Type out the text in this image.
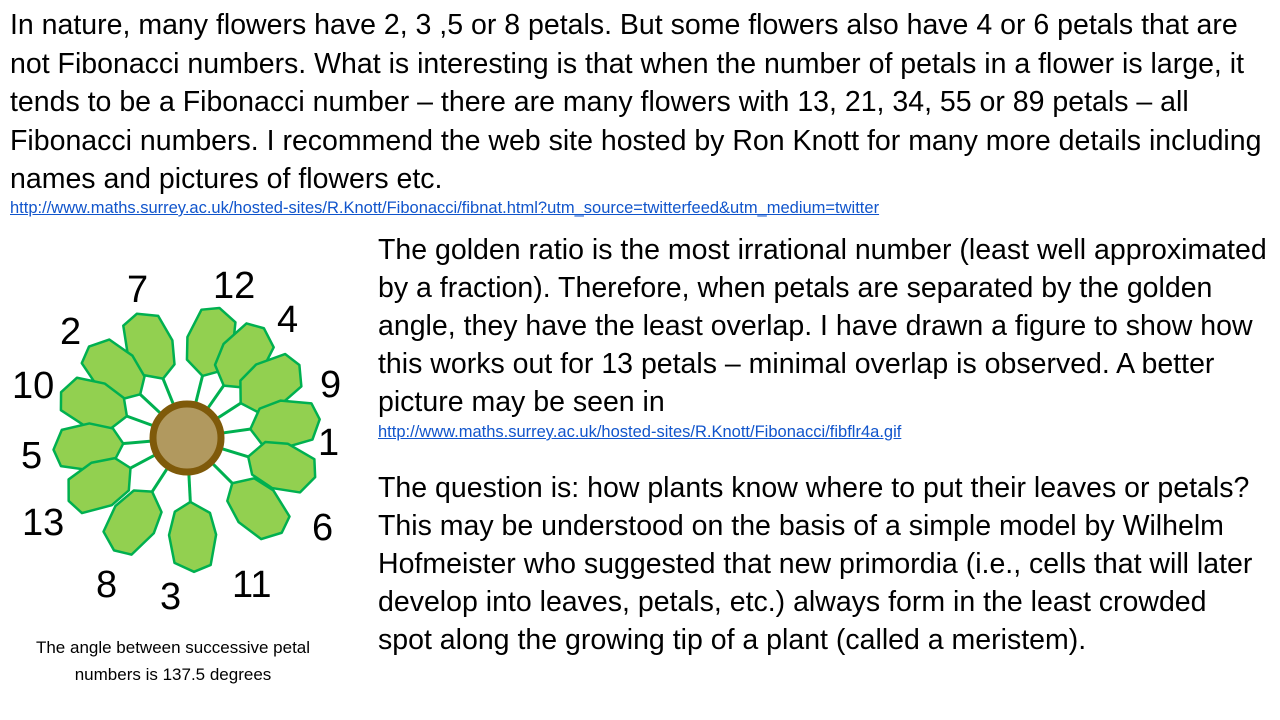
In nature, many flowers have 2, 3 ,5 or 8 petals. But some flowers also have 4 or 6 petals that are not Fibonacci numbers. What is interesting is that when the number of petals in a flower is large, it tends to be a Fibonacci number – there are many flowers with 13, 21, 34, 55 or 89 petals – all Fibonacci numbers. I recommend the web site hosted by Ron Knott for many more details including names and pictures of flowers etc.

http://www.maths.surrey.ac.uk/hosted-sites/R.Knott/Fibonacci/fibnat.html?utm_source=twitterfeed&utm_medium=twitter
7 12
2	4
10	9
1
5
13	6
8	11
3

The angle between successive petal numbers is 137.5 degrees

The golden ratio is the most irrational number (least well approximated by a fraction). Therefore, when petals are separated by the golden angle, they have the least overlap. I have drawn a figure to show how this works out for 13 petals – minimal overlap is observed. A better picture may be seen in
http://www.maths.surrey.ac.uk/hosted-sites/R.Knott/Fibonacci/fibflr4a.gif

The question is: how plants know where to put their leaves or petals? This may be understood on the basis of a simple model by Wilhelm Hofmeister who suggested that new primordia (i.e., cells that will later develop into leaves, petals, etc.) always form in the least crowded spot along the growing tip of a plant (called a meristem).
